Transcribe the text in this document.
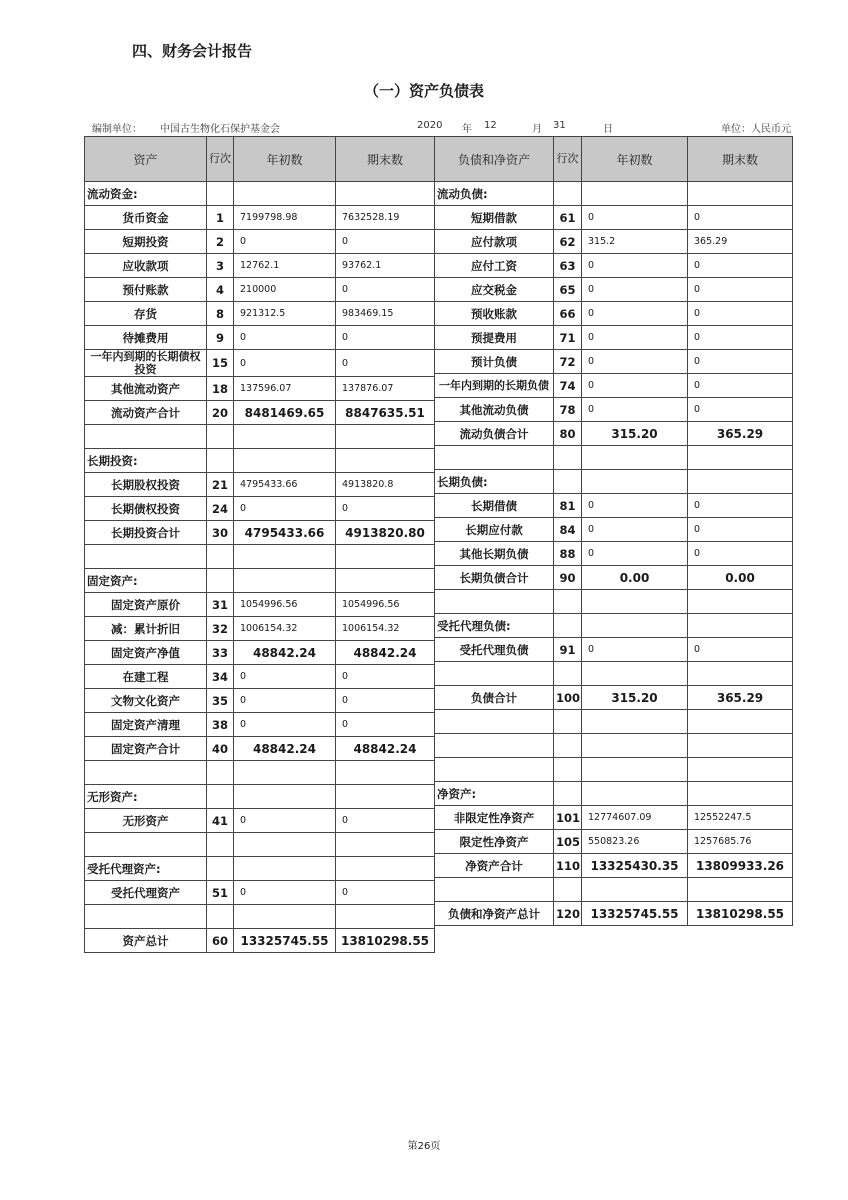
四、财务会计报告
（一）资产负债表
编制单位： 中国古生物化石保护基金会	2020 年 12	月 31	日	单位：人民币元
资产	行次	年初数	期末数
流动资金:			
货币资金	1	7199798.98	7632528.19
短期投资	2	0	0
应收款项	3	12762.1	93762.1
预付账款	4	210000	0
存货	8	921312.5	983469.15
待摊费用	9	0	0
一年内到期的长期债权投资	15	0	0
其他流动资产	18	137596.07	137876.07
流动资产合计	20	8481469.65	8847635.51

长期投资:			
长期股权投资	21	4795433.66	4913820.8
长期债权投资	24	0	0
长期投资合计	30	4795433.66	4913820.80

固定资产:			
固定资产原价	31	1054996.56	1054996.56
减：累计折旧	32	1006154.32	1006154.32
固定资产净值	33	48842.24	48842.24
在建工程	34	0	0
文物文化资产	35	0	0
固定资产清理	38	0	0
固定资产合计	40	48842.24	48842.24

无形资产:			
无形资产	41	0	0

受托代理资产:			
受托代理资产	51	0	0

资产总计	60	13325745.55	13810298.55
负债和净资产	行次	年初数	期末数
流动负债:			
短期借款	61	0	0
应付款项	62	315.2	365.29
应付工资	63	0	0
应交税金	65	0	0
预收账款	66	0	0
预提费用	71	0	0
预计负债	72	0	0
一年内到期的长期负债	74	0	0
其他流动负债	78	0	0
流动负债合计	80	315.20	365.29

长期负债:			
长期借债	81	0	0
长期应付款	84	0	0
其他长期负债	88	0	0
长期负债合计	90	0.00	0.00

受托代理负债:			
受托代理负债	91	0	0

负债合计	100	315.20	365.29

净资产:			
非限定性净资产	101	12774607.09	12552247.5
限定性净资产	105	550823.26	1257685.76
净资产合计	110	13325430.35	13809933.26

负债和净资产总计	120	13325745.55	13810298.55
第26页
